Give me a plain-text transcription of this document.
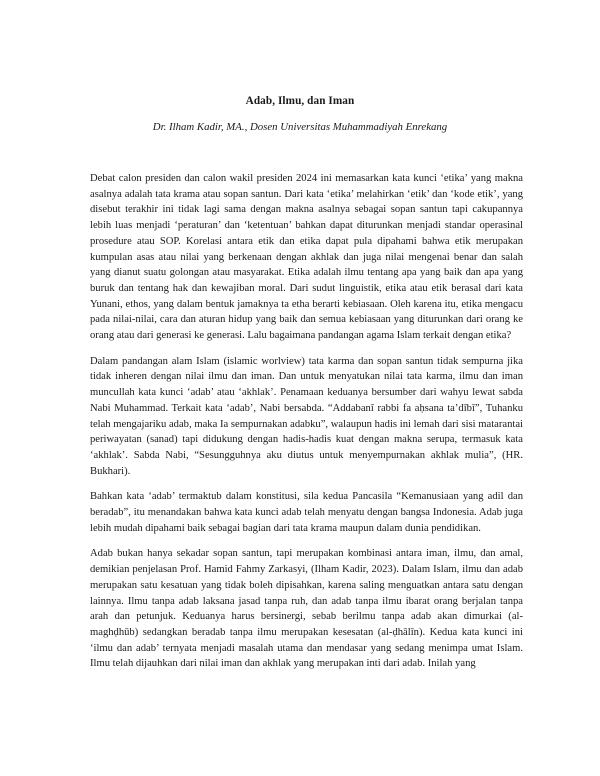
Adab, Ilmu, dan Iman
Dr. Ilham Kadir, MA., Dosen Universitas Muhammadiyah Enrekang

Debat calon presiden dan calon wakil presiden 2024 ini memasarkan kata kunci ‘etika’ yang makna asalnya adalah tata krama atau sopan santun. Dari kata ‘etika’ melahirkan ‘etik’ dan ‘kode etik’, yang disebut terakhir ini tidak lagi sama dengan makna asalnya sebagai sopan santun tapi cakupannya lebih luas menjadi ‘peraturan’ dan ‘ketentuan’ bahkan dapat diturunkan menjadi standar operasinal prosedure atau SOP. Korelasi antara etik dan etika dapat pula dipahami bahwa etik merupakan kumpulan asas atau nilai yang berkenaan dengan akhlak dan juga nilai mengenai benar dan salah yang dianut suatu golongan atau masyarakat. Etika adalah ilmu tentang apa yang baik dan apa yang buruk dan tentang hak dan kewajiban moral. Dari sudut linguistik, etika atau etik berasal dari kata Yunani, ethos, yang dalam bentuk jamaknya ta etha berarti kebiasaan. Oleh karena itu, etika mengacu pada nilai-nilai, cara dan aturan hidup yang baik dan semua kebiasaan yang diturunkan dari orang ke orang atau dari generasi ke generasi. Lalu bagaimana pandangan agama Islam terkait dengan etika?

Dalam pandangan alam Islam (islamic worlview) tata karma dan sopan santun tidak sempurna jika tidak inheren dengan nilai ilmu dan iman. Dan untuk menyatukan nilai tata karma, ilmu dan iman muncullah kata kunci ‘adab’ atau ‘akhlak’. Penamaan keduanya bersumber dari wahyu lewat sabda Nabi Muhammad. Terkait kata ‘adab’, Nabi bersabda. “Addabanī rabbi fa aḥsana ta’dībī”, Tuhanku telah mengajariku adab, maka Ia sempurnakan adabku”, walaupun hadis ini lemah dari sisi matarantai periwayatan (sanad) tapi didukung dengan hadis-hadis kuat dengan makna serupa, termasuk kata ‘akhlak’. Sabda Nabi, “Sesungguhnya aku diutus untuk menyempurnakan akhlak mulia”, (HR. Bukhari).

Bahkan kata ‘adab’ termaktub dalam konstitusi, sila kedua Pancasila “Kemanusiaan yang adil dan beradab”, itu menandakan bahwa kata kunci adab telah menyatu dengan bangsa Indonesia. Adab juga lebih mudah dipahami baik sebagai bagian dari tata krama maupun dalam dunia pendidikan.

Adab bukan hanya sekadar sopan santun, tapi merupakan kombinasi antara iman, ilmu, dan amal, demikian penjelasan Prof. Hamid Fahmy Zarkasyi, (Ilham Kadir, 2023). Dalam Islam, ilmu dan adab merupakan satu kesatuan yang tidak boleh dipisahkan, karena saling menguatkan antara satu dengan lainnya. Ilmu tanpa adab laksana jasad tanpa ruh, dan adab tanpa ilmu ibarat orang berjalan tanpa arah dan petunjuk. Keduanya harus bersinergi, sebab berilmu tanpa adab akan dimurkai (al-maghḍhūb) sedangkan beradab tanpa ilmu merupakan kesesatan (al-ḍhālīn). Kedua kata kunci ini ‘ilmu dan adab’ ternyata menjadi masalah utama dan mendasar yang sedang menimpa umat Islam. Ilmu telah dijauhkan dari nilai iman dan akhlak yang merupakan inti dari adab. Inilah yang
